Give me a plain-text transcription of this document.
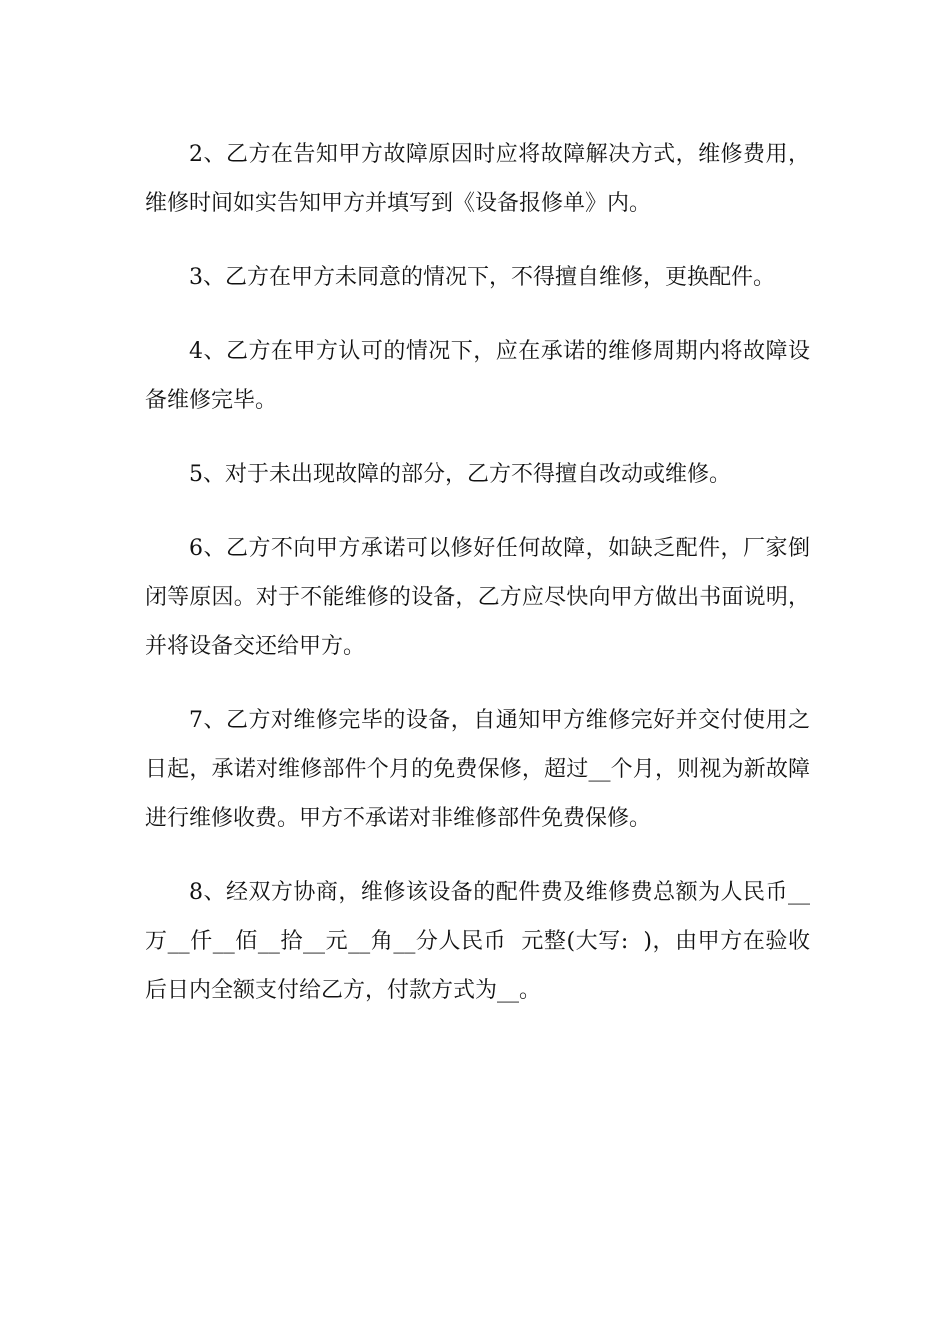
2、乙方在告知甲方故障原因时应将故障解决方式，维修费用，维修时间如实告知甲方并填写到《设备报修单》内。

3、乙方在甲方未同意的情况下，不得擅自维修，更换配件。

4、乙方在甲方认可的情况下，应在承诺的维修周期内将故障设备维修完毕。

5、对于未出现故障的部分，乙方不得擅自改动或维修。

6、乙方不向甲方承诺可以修好任何故障，如缺乏配件，厂家倒闭等原因。对于不能维修的设备，乙方应尽快向甲方做出书面说明，并将设备交还给甲方。

7、乙方对维修完毕的设备，自通知甲方维修完好并交付使用之日起，承诺对维修部件个月的免费保修，超过__个月，则视为新故障进行维修收费。甲方不承诺对非维修部件免费保修。

8、经双方协商，维修该设备的配件费及维修费总额为人民币__万__仟__佰__拾__元__角__分人民币  元整(大写:  )，由甲方在验收后日内全额支付给乙方，付款方式为__。
